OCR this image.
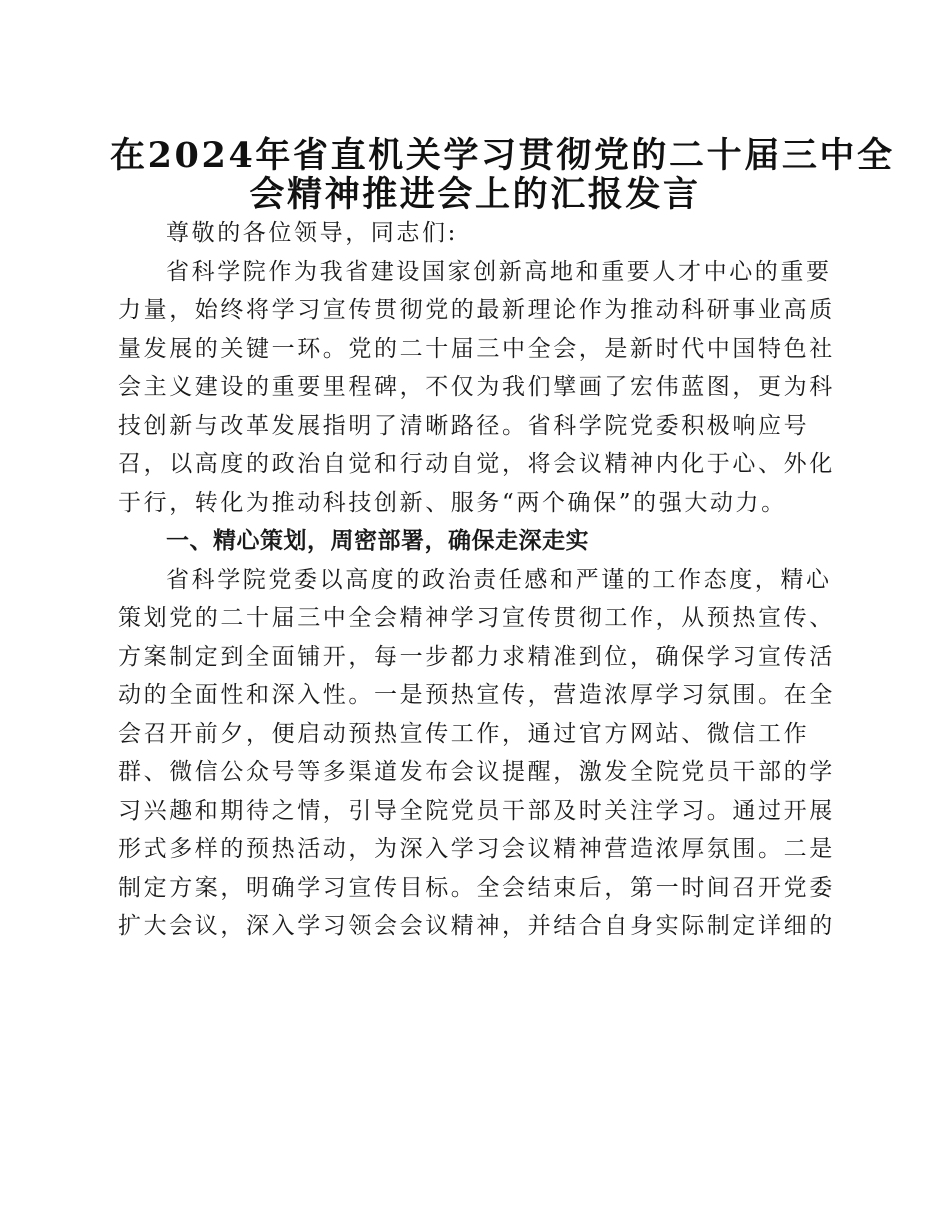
在2024年省直机关学习贯彻党的二十届三中全
会精神推进会上的汇报发言
尊敬的各位领导，同志们:
省科学院作为我省建设国家创新高地和重要人才中心的重要
力量，始终将学习宣传贯彻党的最新理论作为推动科研事业高质
量发展的关键一环。党的二十届三中全会，是新时代中国特色社
会主义建设的重要里程碑，不仅为我们擘画了宏伟蓝图，更为科
技创新与改革发展指明了清晰路径。省科学院党委积极响应号
召，以高度的政治自觉和行动自觉，将会议精神内化于心、外化
于行，转化为推动科技创新、服务“两个确保”的强大动力。
一、精心策划，周密部署，确保走深走实
省科学院党委以高度的政治责任感和严谨的工作态度，精心
策划党的二十届三中全会精神学习宣传贯彻工作，从预热宣传、
方案制定到全面铺开，每一步都力求精准到位，确保学习宣传活
动的全面性和深入性。一是预热宣传，营造浓厚学习氛围。在全
会召开前夕，便启动预热宣传工作，通过官方网站、微信工作
群、微信公众号等多渠道发布会议提醒，激发全院党员干部的学
习兴趣和期待之情，引导全院党员干部及时关注学习。通过开展
形式多样的预热活动，为深入学习会议精神营造浓厚氛围。二是
制定方案，明确学习宣传目标。全会结束后，第一时间召开党委
扩大会议，深入学习领会会议精神，并结合自身实际制定详细的
